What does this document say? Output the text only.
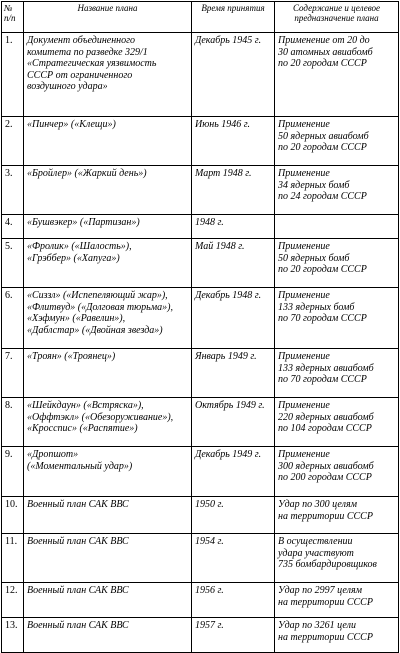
№ п/п	Название плана	Время принятия	Содержание и целевое предназначение плана
1.	Документ объединенного
комитета по разведке 329/1
«Стратегическая уязвимость
СССР от ограниченного
воздушного удара»	Декабрь 1945 г.	Применение от 20 до
30 атомных авиабомб
по 20 городам СССР

2.	«Пинчер» («Клещи»)	Июнь 1946 г.	Применение
50 ядерных авиабомб
по 20 городам СССР

3.	«Бройлер» («Жаркий день»)	Март 1948 г.	Применение
34 ядерных бомб
по 24 городам СССР

4.	«Бушвэкер» («Партизан»)	1948 г.	

5.	«Фролик» («Шалость»),
«Грэббер» («Хапуга»)	Май 1948 г.	Применение
50 ядерных бомб
по 20 городам СССР

6.	«Сиззл» («Испепеляющий жар»),
«Флитвуд» («Долговая тюрьма»),
«Хэфмун» («Равелин»),
«Даблстар» («Двойная звезда»)	Декабрь 1948 г.	Применение
133 ядерных бомб
по 70 городам СССР

7.	«Троян» («Троянец»)	Январь 1949 г.	Применение
133 ядерных авиабомб
по 70 городам СССР

8.	«Шейкдаун» («Встряска»),
«Оффтэкл» («Обезоруживание»),
«Кросспис» («Распятие»)	Октябрь 1949 г.	Применение
220 ядерных авиабомб
по 104 городам СССР

9.	«Дропшот»
(«Моментальный удар»)	Декабрь 1949 г.	Применение
300 ядерных авиабомб
по 200 городам СССР

10.	Военный план САК ВВС	1950 г.	Удар по 300 целям
на территории СССР

11.	Военный план САК ВВС	1954 г.	В осуществлении
удара участвуют
735 бомбардировщиков

12.	Военный план САК ВВС	1956 г.	Удар по 2997 целям
на территории СССР

13.	Военный план САК ВВС	1957 г.	Удар по 3261 цели
на территории СССР
